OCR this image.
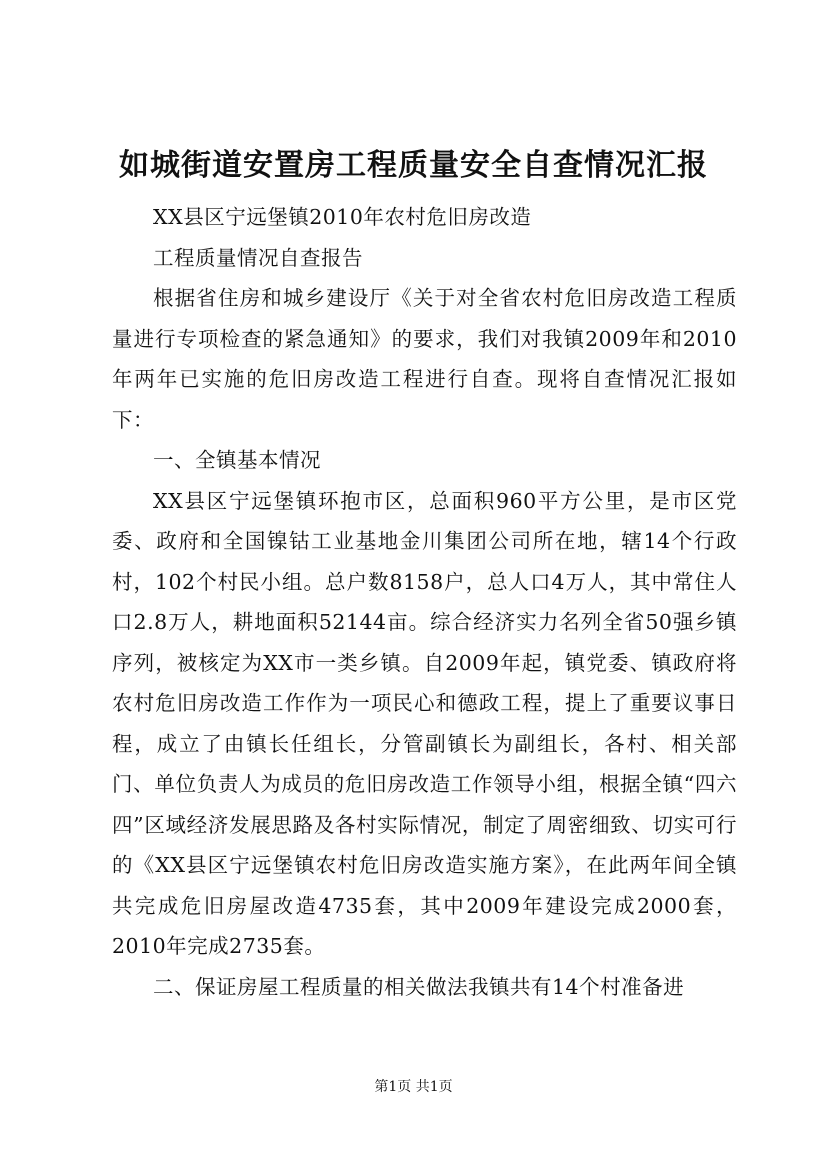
如城街道安置房工程质量安全自查情况汇报

XX县区宁远堡镇2010年农村危旧房改造

工程质量情况自查报告

根据省住房和城乡建设厅《关于对全省农村危旧房改造工程质量进行专项检查的紧急通知》的要求，我们对我镇2009年和2010年两年已实施的危旧房改造工程进行自查。现将自查情况汇报如下：

一、全镇基本情况

XX县区宁远堡镇环抱市区，总面积960平方公里，是市区党委、政府和全国镍钴工业基地金川集团公司所在地，辖14个行政村，102个村民小组。总户数8158户，总人口4万人，其中常住人口2.8万人，耕地面积52144亩。综合经济实力名列全省50强乡镇序列，被核定为XX市一类乡镇。自2009年起，镇党委、镇政府将农村危旧房改造工作作为一项民心和德政工程，提上了重要议事日程，成立了由镇长任组长，分管副镇长为副组长，各村、相关部门、单位负责人为成员的危旧房改造工作领导小组，根据全镇“四六四”区域经济发展思路及各村实际情况，制定了周密细致、切实可行的《XX县区宁远堡镇农村危旧房改造实施方案》，在此两年间全镇共完成危旧房屋改造4735套，其中2009年建设完成2000套，2010年完成2735套。

二、保证房屋工程质量的相关做法我镇共有14个村准备进

第1页 共1页
